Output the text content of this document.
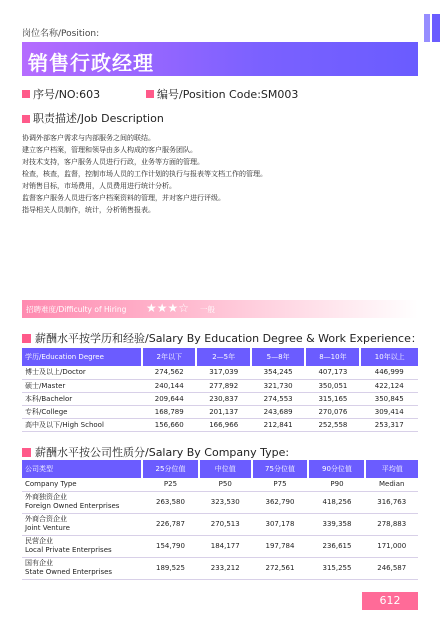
岗位名称/Position:
销售行政经理
序号/NO:603	编号/Position Code:SM003
职责描述/Job Description
协调外部客户需求与内部服务之间的联结。
建立客户档案，管理和领导由多人构成的客户服务团队。
对技术支持，客户服务人员进行行政，业务等方面的管理。
检查，核查，监督，控制市场人员的工作计划的执行与报表等文档工作的管理。
对销售目标，市场费用，人员费用进行统计分析。
监督客户服务人员进行客户档案资料的管理，并对客户进行评级。
指导相关人员制作，统计，分析销售报表。
招聘难度/Difficulty of Hiring ★★★☆ 一般
薪酬水平按学历和经验/Salary By Education Degree & Work Experience：
学历/Education Degree	2年以下	2—5年	5—8年	8—10年	10年以上
博士及以上/Doctor	274,562	317,039	354,245	407,173	446,999
硕士/Master	240,144	277,892	321,730	350,051	422,124
本科/Bachelor	209,644	230,837	274,553	315,165	350,845
专科/College	168,789	201,137	243,689	270,076	309,414
高中及以下/High School	156,660	166,966	212,841	252,558	253,317
薪酬水平按公司性质分/Salary By Company Type:
公司类型	25分位值	中位值	75分位值	90分位值	平均值
Company Type	P25	P50	P75	P90	Median

外商独资企业
Foreign Owned Enterprises	263,580	323,530	362,790	418,256	316,763

外商合资企业
Joint Venture	226,787	270,513	307,178	339,358	278,883

民营企业
Local Private Enterprises	154,790	184,177	197,784	236,615	171,000

国有企业
State Owned Enterprises	189,525	233,212	272,561	315,255	246,587
612
